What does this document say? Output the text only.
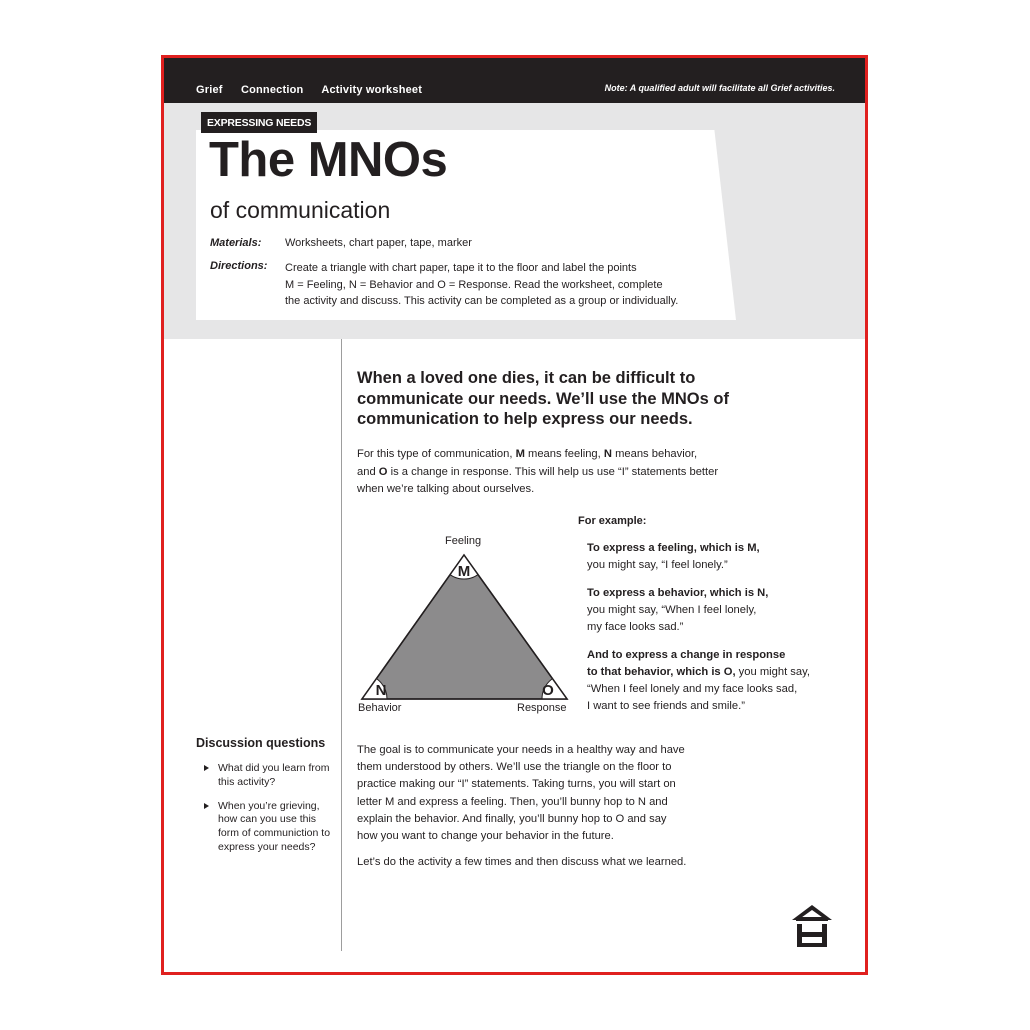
Grief Connection Activity worksheet	Note: A qualified adult will facilitate all Grief activities.
EXPRESSING NEEDS
The MNOs
of communication
Materials: Worksheets, chart paper, tape, marker
Directions: Create a triangle with chart paper, tape it to the floor and label the points
M = Feeling, N = Behavior and O = Response. Read the worksheet, complete
the activity and discuss. This activity can be completed as a group or individually.
When a loved one dies, it can be difficult to communicate our needs. We’ll use the MNOs of communication to help express our needs.
For this type of communication, M means feeling, N means behavior,
and O is a change in response. This will help us use “I” statements better
when we’re talking about ourselves.
M
N	O
Feeling
Behavior	Response
For example:
To express a feeling, which is M,
you might say, “I feel lonely.”
To express a behavior, which is N,
you might say, “When I feel lonely,
my face looks sad.”
And to express a change in response
to that behavior, which is O, you might say,
“When I feel lonely and my face looks sad,
I want to see friends and smile.”
Discussion questions
What did you learn from this activity?
When you’re grieving, how can you use this form of communiction to express your needs?
The goal is to communicate your needs in a healthy way and have
them understood by others. We’ll use the triangle on the floor to
practice making our “I” statements. Taking turns, you will start on
letter M and express a feeling. Then, you’ll bunny hop to N and
explain the behavior. And finally, you’ll bunny hop to O and say
how you want to change your behavior in the future.
Let’s do the activity a few times and then discuss what we learned.
